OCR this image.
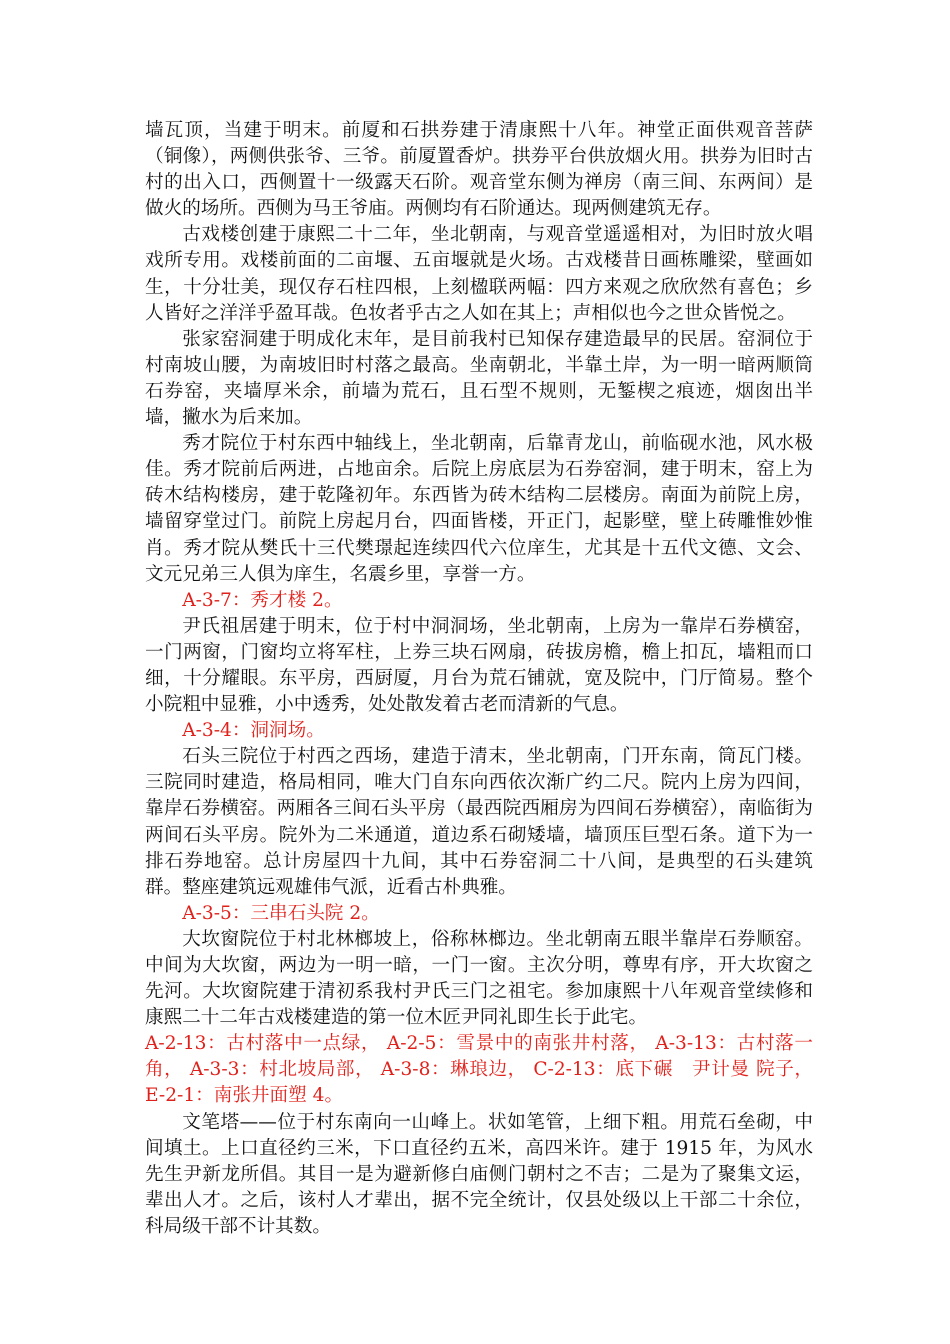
墙瓦顶，当建于明末。前厦和石拱券建于清康熙十八年。神堂正面供观音菩萨（铜像），两侧供张爷、三爷。前厦置香炉。拱券平台供放烟火用。拱券为旧时古村的出入口，西侧置十一级露天石阶。观音堂东侧为禅房（南三间、东两间）是做火的场所。西侧为马王爷庙。两侧均有石阶通达。现两侧建筑无存。

古戏楼创建于康熙二十二年，坐北朝南，与观音堂遥遥相对，为旧时放火唱戏所专用。戏楼前面的二亩堰、五亩堰就是火场。古戏楼昔日画栋雕梁，壁画如生，十分壮美，现仅存石柱四根，上刻楹联两幅：四方来观之欣欣然有喜色；乡人皆好之洋洋乎盈耳哉。色妆者乎古之人如在其上；声相似也今之世众皆悦之。

张家窑洞建于明成化末年，是目前我村已知保存建造最早的民居。窑洞位于村南坡山腰，为南坡旧时村落之最高。坐南朝北，半靠土岸，为一明一暗两顺筒石券窑，夹墙厚米余，前墙为荒石，且石型不规则，无錾楔之痕迹，烟囱出半墙，撇水为后来加。

秀才院位于村东西中轴线上，坐北朝南，后靠青龙山，前临砚水池，风水极佳。秀才院前后两进，占地亩余。后院上房底层为石券窑洞，建于明末，窑上为砖木结构楼房，建于乾隆初年。东西皆为砖木结构二层楼房。南面为前院上房，墙留穿堂过门。前院上房起月台，四面皆楼，开正门，起影壁，壁上砖雕惟妙惟肖。秀才院从樊氏十三代樊璟起连续四代六位庠生，尤其是十五代文德、文会、文元兄弟三人俱为庠生，名震乡里，享誉一方。

A-3-7：秀才楼 2。

尹氏祖居建于明末，位于村中洞洞场，坐北朝南，上房为一靠岸石券横窑，一门两窗，门窗均立将军柱，上券三块石网扇，砖拔房檐，檐上扣瓦，墙粗而口细，十分耀眼。东平房，西厨厦，月台为荒石铺就，宽及院中，门厅简易。整个小院粗中显雅，小中透秀，处处散发着古老而清新的气息。

A-3-4：洞洞场。

石头三院位于村西之西场，建造于清末，坐北朝南，门开东南，筒瓦门楼。三院同时建造，格局相同，唯大门自东向西依次渐广约二尺。院内上房为四间，靠岸石券横窑。两厢各三间石头平房（最西院西厢房为四间石券横窑），南临街为两间石头平房。院外为二米通道，道边系石砌矮墙，墙顶压巨型石条。道下为一排石券地窑。总计房屋四十九间，其中石券窑洞二十八间，是典型的石头建筑群。整座建筑远观雄伟气派，近看古朴典雅。

A-3-5：三串石头院 2。

大坎窗院位于村北林榔坡上，俗称林榔边。坐北朝南五眼半靠岸石券顺窑。中间为大坎窗，两边为一明一暗，一门一窗。主次分明，尊卑有序，开大坎窗之先河。大坎窗院建于清初系我村尹氏三门之祖宅。参加康熙十八年观音堂续修和康熙二十二年古戏楼建造的第一位木匠尹同礼即生长于此宅。

A-2-13：古村落中一点绿， A-2-5：雪景中的南张井村落， A-3-13：古村落一角， A-3-3：村北坡局部， A-3-8：琳琅边， C-2-13：底下碾　尹计曼 院子， E-2-1：南张井面塑 4。

文笔塔——位于村东南向一山峰上。状如笔管，上细下粗。用荒石垒砌，中间填土。上口直径约三米，下口直径约五米，高四米许。建于 1915 年，为风水先生尹新龙所倡。其目一是为避新修白庙侧门朝村之不吉；二是为了聚集文运，辈出人才。之后，该村人才辈出，据不完全统计，仅县处级以上干部二十余位，科局级干部不计其数。
